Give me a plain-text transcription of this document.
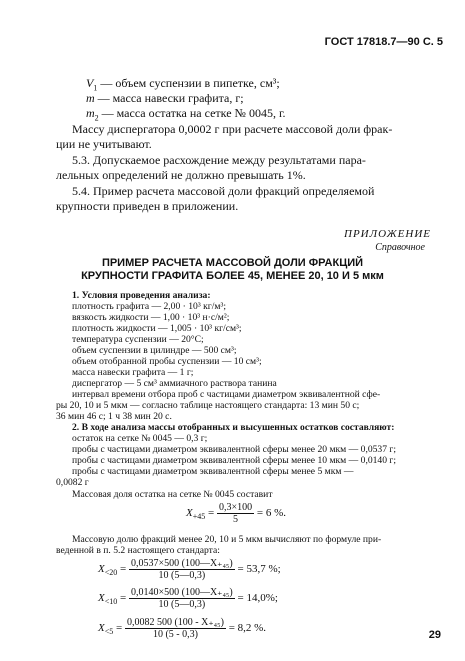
ГОСТ 17818.7—90 С. 5
$V_1$ — объем суспензии в пипетке, см³;
m — масса навески графита, г;
$m_2$ — масса остатка на сетке № 0045, г.
Массу диспергатора 0,0002 г при расчете массовой доли фрак-
ции не учитывают.
5.3. Допускаемое расхождение между результатами пара-
лельных определений не должно превышать 1%.
5.4. Пример расчета массовой доли фракций определяемой
крупности приведен в приложении.
ПРИЛОЖЕНИЕ
Справочное
ПРИМЕР РАСЧЕТА МАССОВОЙ ДОЛИ ФРАКЦИЙ
КРУПНОСТИ ГРАФИТА БОЛЕЕ 45, МЕНЕЕ 20, 10 И 5 мкм
1. Условия проведения анализа:
плотность графита — 2,00 · 10³ кг/м³;
вязкость жидкости — 1,00 · 10³ н·с/м²;
плотность жидкости — 1,005 · 10³ кг/см³;
температура суспензии — 20°С;
объем суспензии в цилиндре — 500 см³;
объем отобранной пробы суспензии — 10 см³;
масса навески графита — 1 г;
диспергатор — 5 см³ аммиачного раствора танина
интервал времени отбора проб с частицами диаметром эквивалентной сфе-
ры 20, 10 и 5 мкм — согласно таблице настоящего стандарта: 13 мин 50 с;
36 мин 46 с; 1 ч 38 мин 20 с.
2. В ходе анализа массы отобранных и высушенных остатков составляют:
остаток на сетке № 0045 — 0,3 г;
пробы с частицами диаметром эквивалентной сферы менее 20 мкм — 0,0537 г;
пробы с частицами диаметром эквивалентной сферы менее 10 мкм — 0,0140 г;
пробы с частицами диаметром эквивалентной сферы менее 5 мкм —
0,0082 г
Массовая доля остатка на сетке № 0045 составит
$X_{+45} = \frac{0,3\times 100}{5} = 6$ %.
Массовую долю фракций менее 20, 10 и 5 мкм вычисляют по формуле при-
веденной в п. 5.2 настоящего стандарта:
$X_{<20} = \frac{\text{0,0537×500 (100—X₊₄₅)}}{10 (5—0,3)} = 53,7$ %;
$X_{<10} = \frac{\text{0,0140×500 (100—X₊₄₅)}}{10 (5—0,3)} = 14,0\%$;
$X_{<5} = \frac{\text{0,0082 500 (100 - X₊₄₅)}}{10 (5 - 0,3)} = 8,2$ %.
29
